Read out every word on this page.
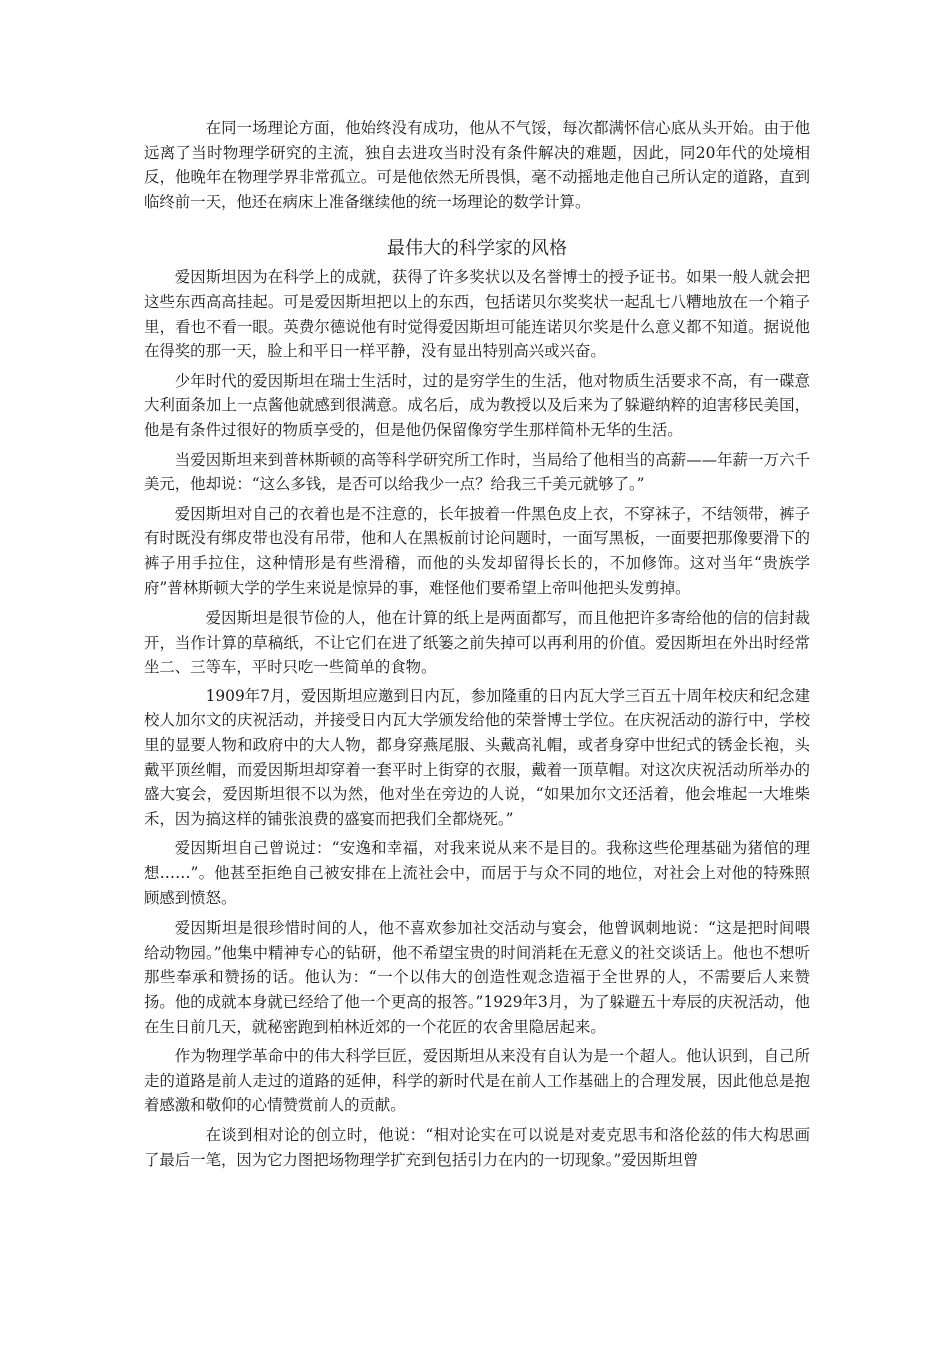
在同一场理论方面，他始终没有成功，他从不气馁，每次都满怀信心底从头开始。由于他远离了当时物理学研究的主流，独自去进攻当时没有条件解决的难题，因此，同20年代的处境相反，他晚年在物理学界非常孤立。可是他依然无所畏惧，毫不动摇地走他自己所认定的道路，直到临终前一天，他还在病床上准备继续他的统一场理论的数学计算。

最伟大的科学家的风格

爱因斯坦因为在科学上的成就，获得了许多奖状以及名誉博士的授予证书。如果一般人就会把这些东西高高挂起。可是爱因斯坦把以上的东西，包括诺贝尔奖奖状一起乱七八糟地放在一个箱子里，看也不看一眼。英费尔德说他有时觉得爱因斯坦可能连诺贝尔奖是什么意义都不知道。据说他在得奖的那一天，脸上和平日一样平静，没有显出特别高兴或兴奋。

少年时代的爱因斯坦在瑞士生活时，过的是穷学生的生活，他对物质生活要求不高，有一碟意大利面条加上一点酱他就感到很满意。成名后，成为教授以及后来为了躲避纳粹的迫害移民美国，他是有条件过很好的物质享受的，但是他仍保留像穷学生那样简朴无华的生活。

当爱因斯坦来到普林斯顿的高等科学研究所工作时，当局给了他相当的高薪——年薪一万六千美元，他却说：“这么多钱，是否可以给我少一点？给我三千美元就够了。”

爱因斯坦对自己的衣着也是不注意的，长年披着一件黑色皮上衣，不穿袜子，不结领带，裤子有时既没有绑皮带也没有吊带，他和人在黑板前讨论问题时，一面写黑板，一面要把那像要滑下的裤子用手拉住，这种情形是有些滑稽，而他的头发却留得长长的，不加修饰。这对当年“贵族学府”普林斯顿大学的学生来说是惊异的事，难怪他们要希望上帝叫他把头发剪掉。

爱因斯坦是很节俭的人，他在计算的纸上是两面都写，而且他把许多寄给他的信的信封裁开，当作计算的草稿纸，不让它们在进了纸篓之前失掉可以再利用的价值。爱因斯坦在外出时经常坐二、三等车，平时只吃一些简单的食物。

1909年7月，爱因斯坦应邀到日内瓦，参加隆重的日内瓦大学三百五十周年校庆和纪念建校人加尔文的庆祝活动，并接受日内瓦大学颁发给他的荣誉博士学位。在庆祝活动的游行中，学校里的显要人物和政府中的大人物，都身穿燕尾服、头戴高礼帽，或者身穿中世纪式的锈金长袍，头戴平顶丝帽，而爱因斯坦却穿着一套平时上街穿的衣服，戴着一顶草帽。对这次庆祝活动所举办的盛大宴会，爱因斯坦很不以为然，他对坐在旁边的人说，“如果加尔文还活着，他会堆起一大堆柴禾，因为搞这样的铺张浪费的盛宴而把我们全都烧死。”

爱因斯坦自己曾说过：“安逸和幸福，对我来说从来不是目的。我称这些伦理基础为猪倌的理想……”。他甚至拒绝自己被安排在上流社会中，而居于与众不同的地位，对社会上对他的特殊照顾感到愤怒。

爱因斯坦是很珍惜时间的人，他不喜欢参加社交活动与宴会，他曾讽刺地说：“这是把时间喂给动物园。”他集中精神专心的钻研，他不希望宝贵的时间消耗在无意义的社交谈话上。他也不想听那些奉承和赞扬的话。他认为：“一个以伟大的创造性观念造福于全世界的人，不需要后人来赞扬。他的成就本身就已经给了他一个更高的报答。”1929年3月，为了躲避五十寿辰的庆祝活动，他在生日前几天，就秘密跑到柏林近郊的一个花匠的农舍里隐居起来。

作为物理学革命中的伟大科学巨匠，爱因斯坦从来没有自认为是一个超人。他认识到，自己所走的道路是前人走过的道路的延伸，科学的新时代是在前人工作基础上的合理发展，因此他总是抱着感激和敬仰的心情赞赏前人的贡献。

在谈到相对论的创立时，他说：“相对论实在可以说是对麦克思韦和洛伦兹的伟大构思画了最后一笔，因为它力图把场物理学扩充到包括引力在内的一切现象。”爱因斯坦曾
